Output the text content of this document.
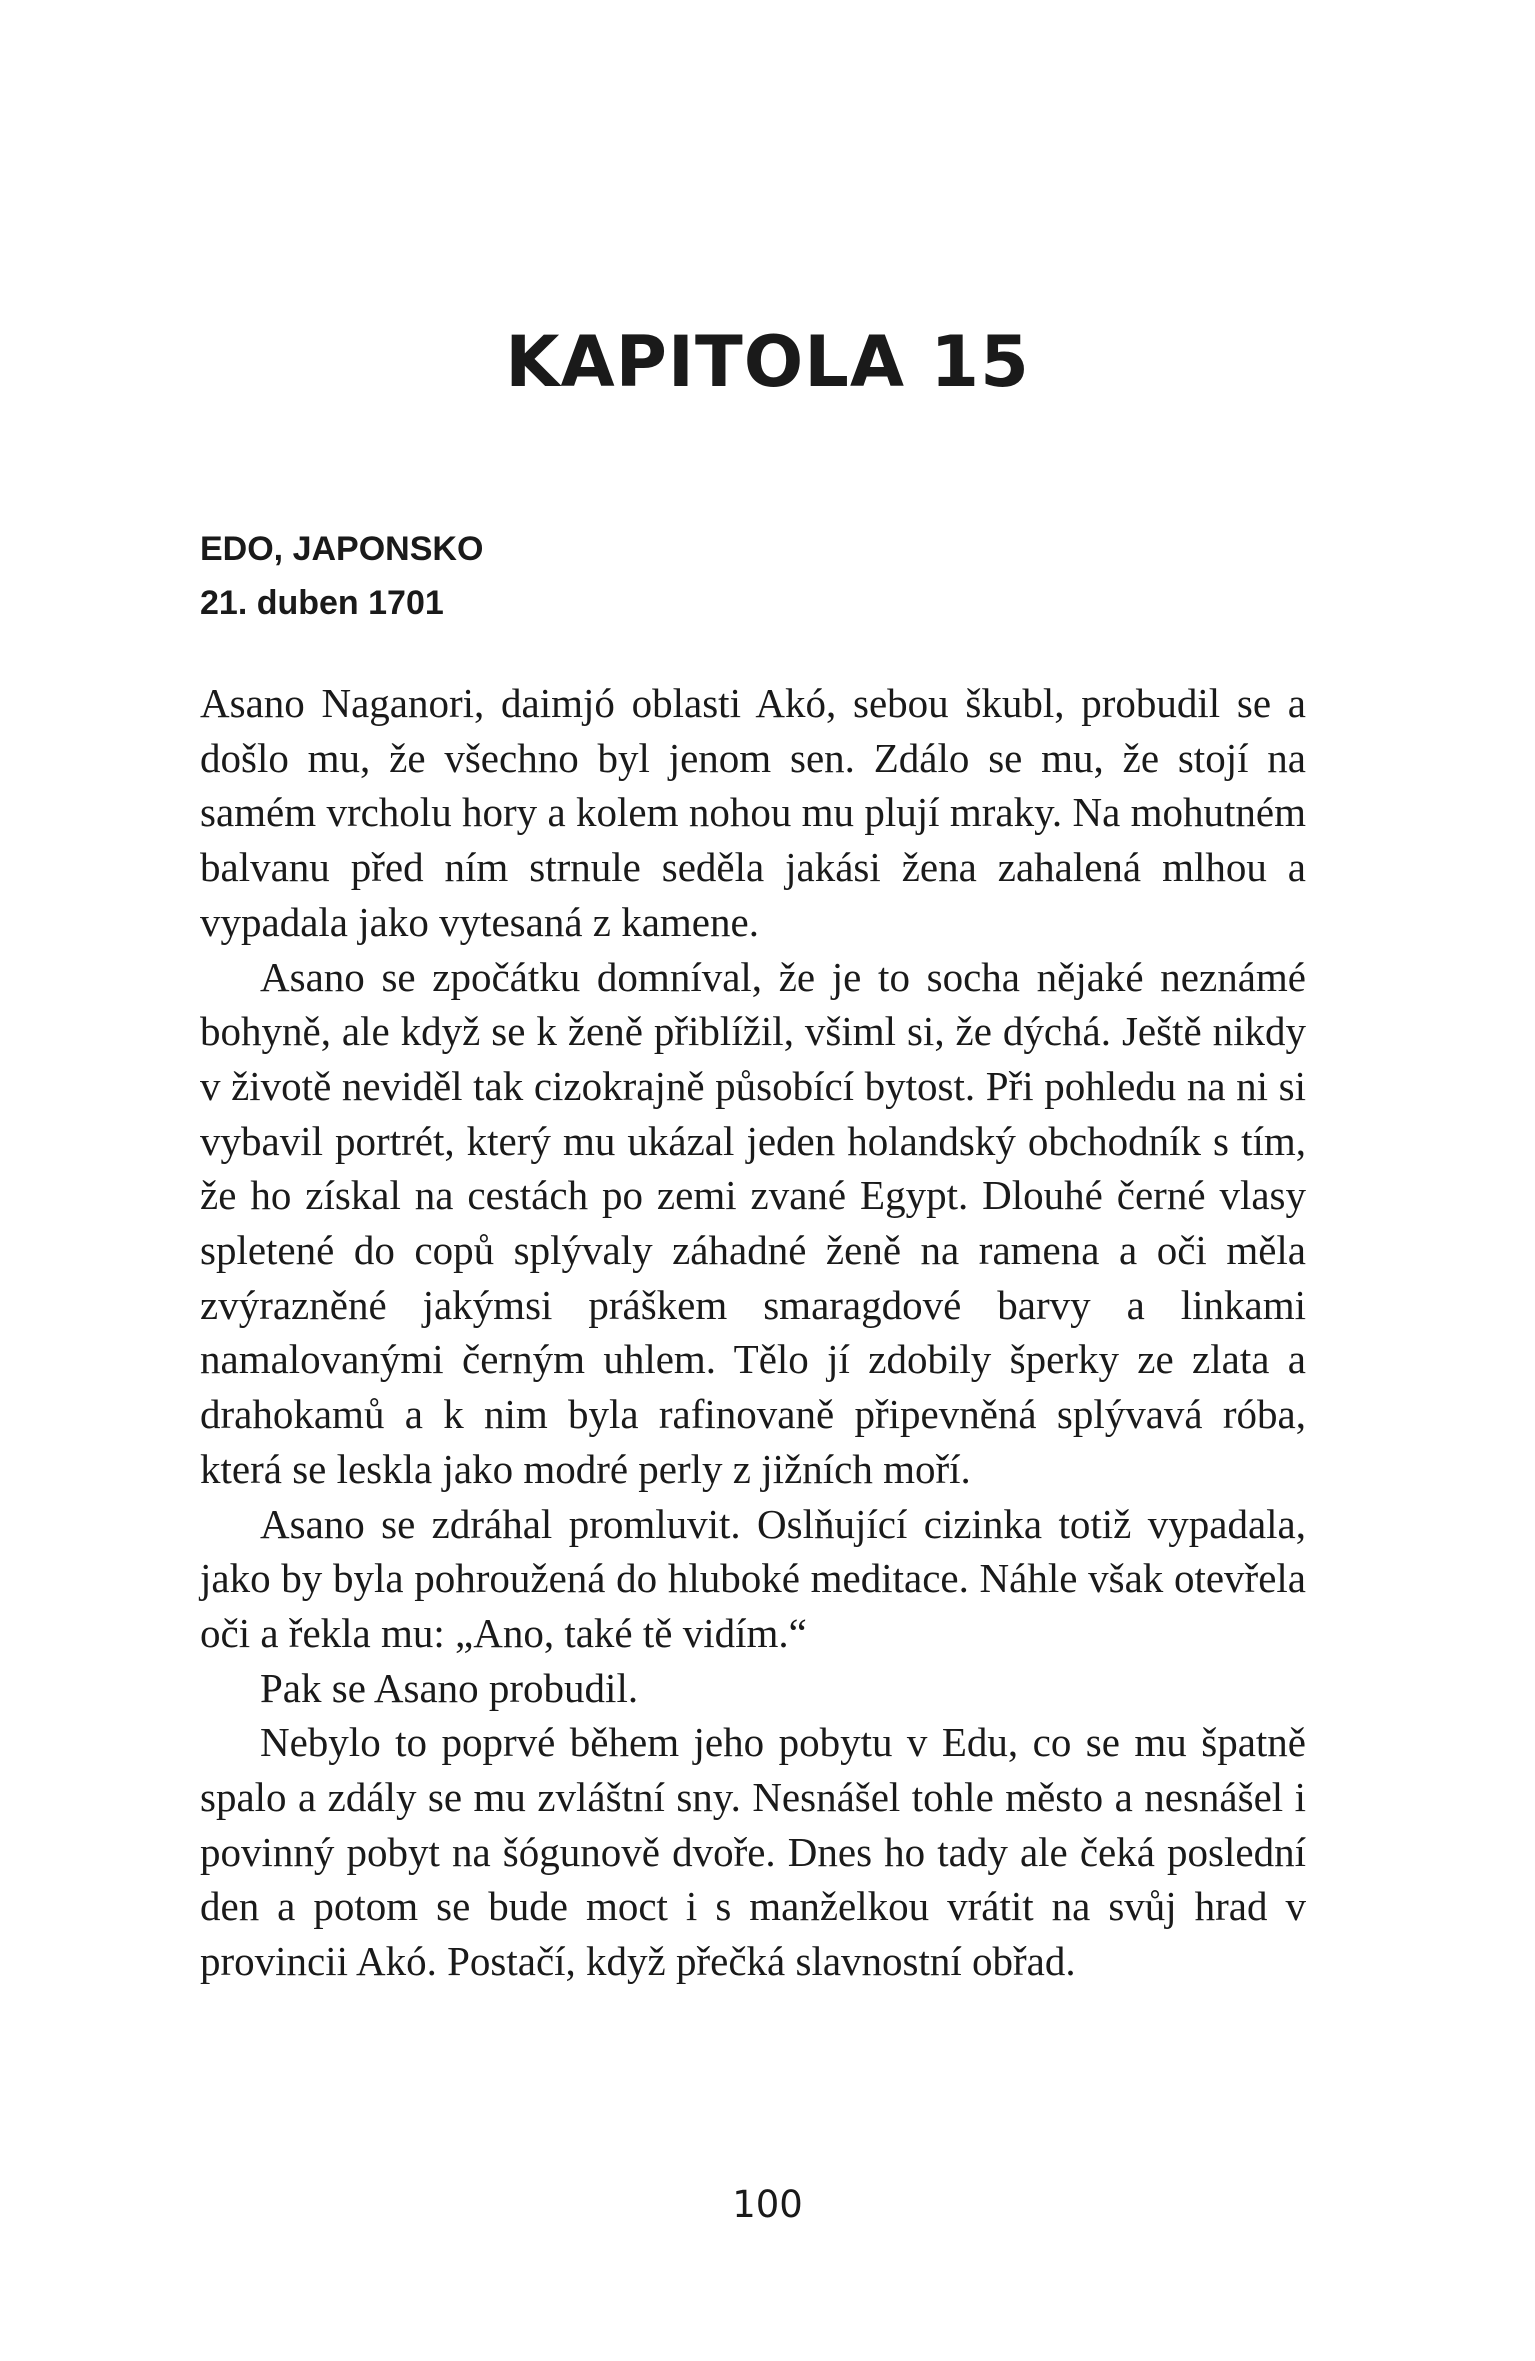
KAPITOLA 15
EDO, JAPONSKO
21. duben 1701

Asano Naganori, daimjó oblasti Akó, sebou škubl, probudil se a došlo mu, že všechno byl jenom sen. Zdálo se mu, že stojí na samém vrcholu hory a kolem nohou mu plují mraky. Na mohutném balvanu před ním strnule seděla jakási žena zahalená mlhou a vypadala jako vytesaná z kamene.

Asano se zpočátku domníval, že je to socha nějaké neznámé bohyně, ale když se k ženě přiblížil, všiml si, že dýchá. Ještě nikdy v životě neviděl tak cizokrajně působící bytost. Při pohledu na ni si vybavil portrét, který mu ukázal jeden holandský obchodník s tím, že ho získal na cestách po zemi zvané Egypt. Dlouhé černé vlasy spletené do copů splývaly záhadné ženě na ramena a oči měla zvýrazněné jakýmsi práškem smaragdové barvy a linkami namalovanými černým uhlem. Tělo jí zdobily šperky ze zlata a drahokamů a k nim byla rafinovaně připevněná splývavá róba, která se leskla jako modré perly z jižních moří.

Asano se zdráhal promluvit. Oslňující cizinka totiž vypadala, jako by byla pohroužená do hluboké meditace. Náhle však otevřela oči a řekla mu: „Ano, také tě vidím.“

Pak se Asano probudil.

Nebylo to poprvé během jeho pobytu v Edu, co se mu špatně spalo a zdály se mu zvláštní sny. Nesnášel tohle město a nesnášel i povinný pobyt na šógunově dvoře. Dnes ho tady ale čeká poslední den a potom se bude moct i s manželkou vrátit na svůj hrad v provincii Akó. Postačí, když přečká slavnostní obřad.

100
